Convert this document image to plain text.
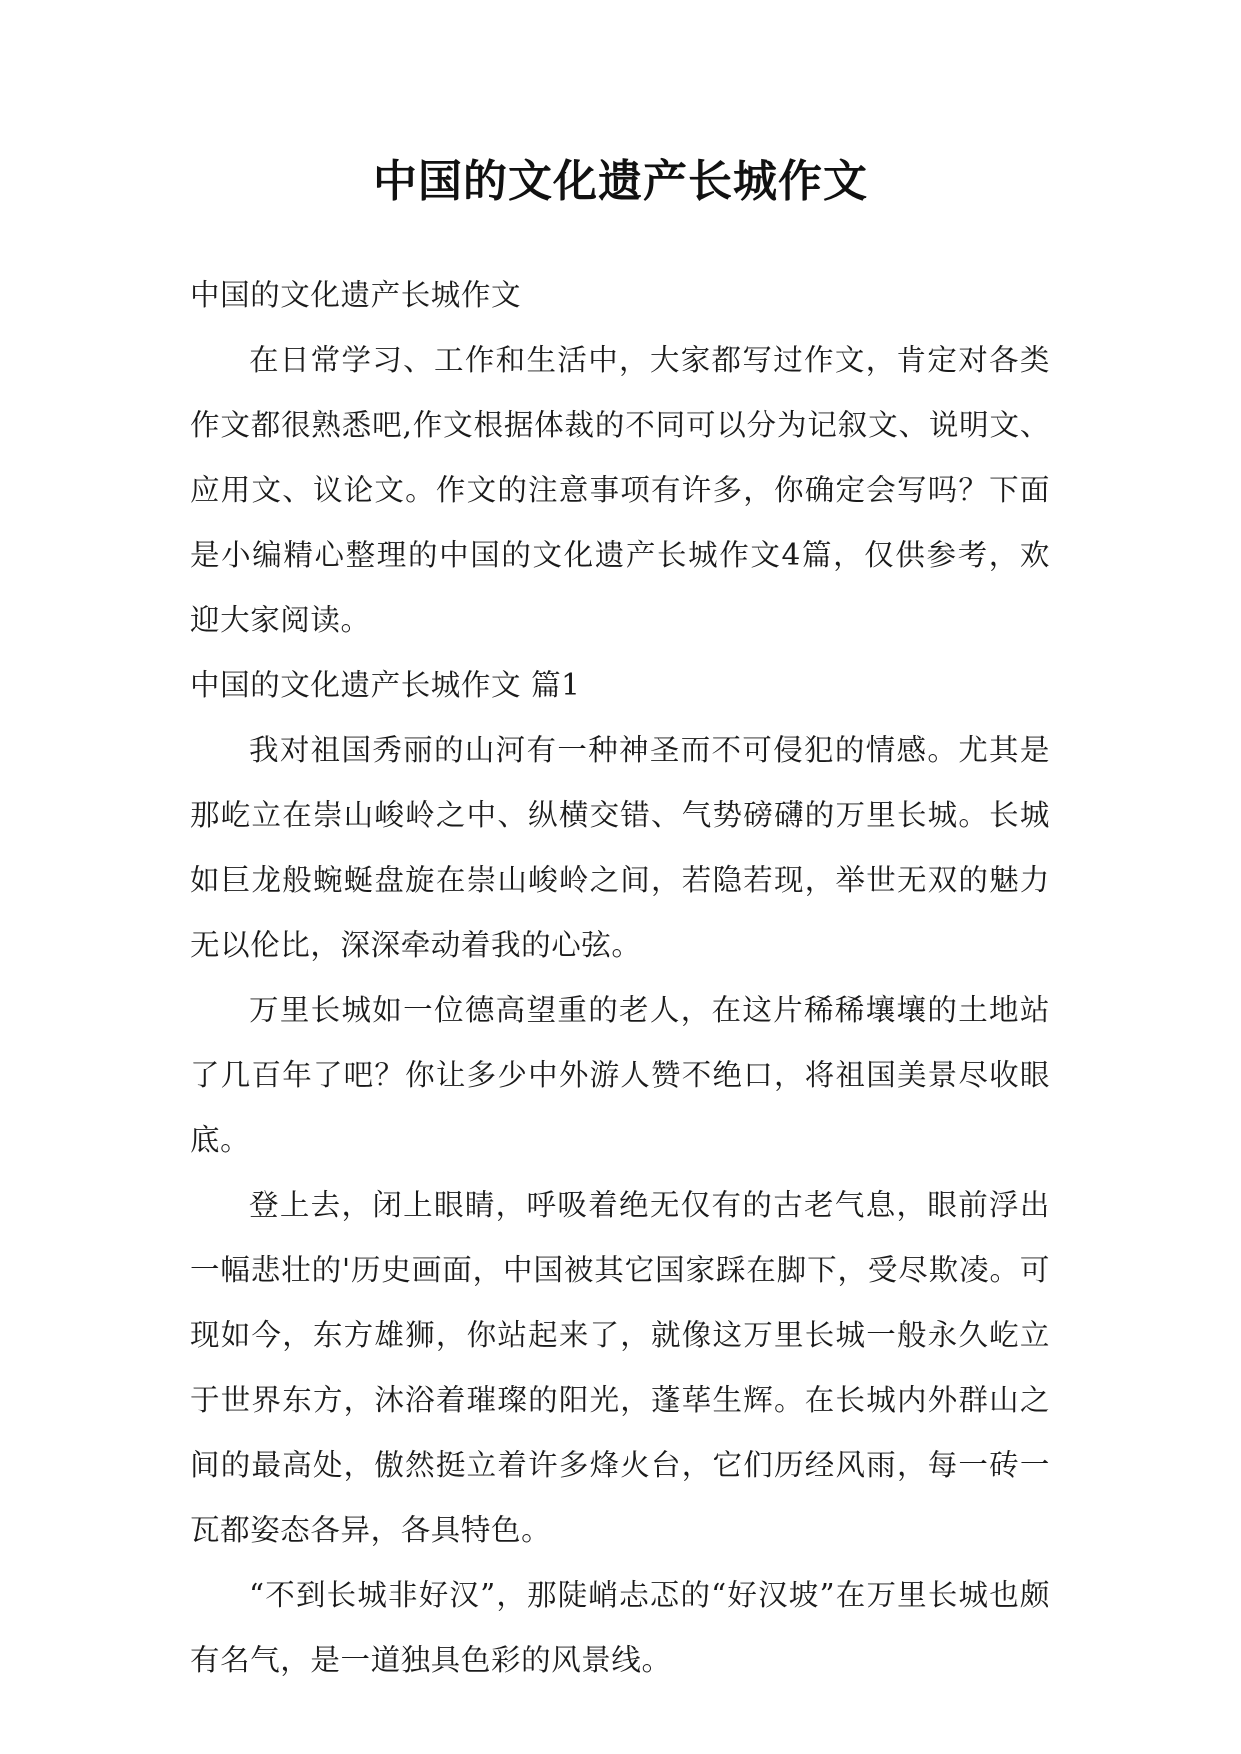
中国的文化遗产长城作文

中国的文化遗产长城作文

在日常学习、工作和生活中，大家都写过作文，肯定对各类作文都很熟悉吧,作文根据体裁的不同可以分为记叙文、说明文、应用文、议论文。作文的注意事项有许多，你确定会写吗？下面是小编精心整理的中国的文化遗产长城作文4篇，仅供参考，欢迎大家阅读。

中国的文化遗产长城作文 篇1

我对祖国秀丽的山河有一种神圣而不可侵犯的情感。尤其是那屹立在崇山峻岭之中、纵横交错、气势磅礴的万里长城。长城如巨龙般蜿蜒盘旋在崇山峻岭之间，若隐若现，举世无双的魅力无以伦比，深深牵动着我的心弦。

万里长城如一位德高望重的老人，在这片稀稀壤壤的土地站了几百年了吧？你让多少中外游人赞不绝口，将祖国美景尽收眼底。

登上去，闭上眼睛，呼吸着绝无仅有的古老气息，眼前浮出一幅悲壮的'历史画面，中国被其它国家踩在脚下，受尽欺凌。可现如今，东方雄狮，你站起来了，就像这万里长城一般永久屹立于世界东方，沐浴着璀璨的阳光，蓬荜生辉。在长城内外群山之间的最高处，傲然挺立着许多烽火台，它们历经风雨，每一砖一瓦都姿态各异，各具特色。

“不到长城非好汉”，那陡峭忐忑的“好汉坡”在万里长城也颇有名气，是一道独具色彩的风景线。
